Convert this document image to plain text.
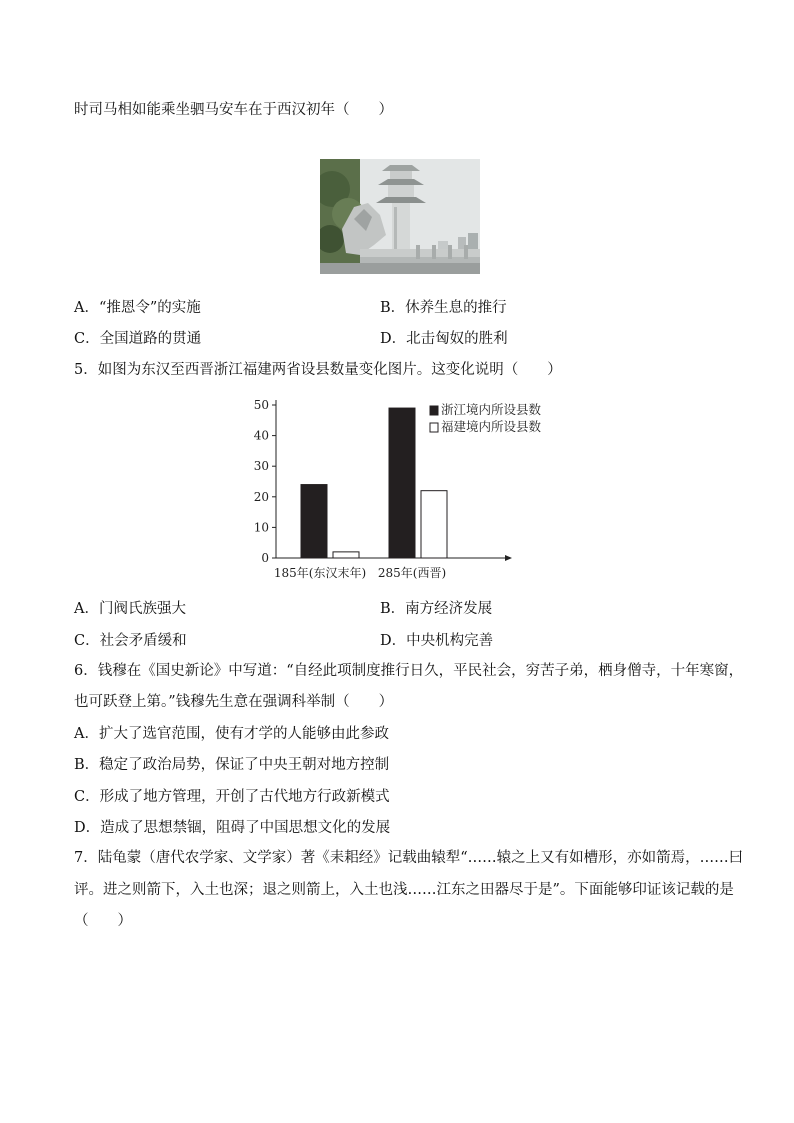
时司马相如能乘坐驷马安车在于西汉初年（　　）
A．“推恩令”的实施	B．休养生息的推行
C．全国道路的贯通	D．北击匈奴的胜利
5．如图为东汉至西晋浙江福建两省设县数量变化图片。这变化说明（　　）
0
10
20
30
40
50
185年(东汉末年) 285年(西晋)
浙江境内所设县数
福建境内所设县数
A．门阀氏族强大	B．南方经济发展
C．社会矛盾缓和	D．中央机构完善
6．钱穆在《国史新论》中写道：“自经此项制度推行日久，平民社会，穷苦子弟，栖身僧寺，十年寒窗，
也可跃登上第。”钱穆先生意在强调科举制（　　）
A．扩大了选官范围，使有才学的人能够由此参政
B．稳定了政治局势，保证了中央王朝对地方控制
C．形成了地方管理，开创了古代地方行政新模式
D．造成了思想禁锢，阻碍了中国思想文化的发展
7．陆龟蒙（唐代农学家、文学家）著《耒耜经》记载曲辕犁“……辕之上又有如槽形，亦如箭焉，……曰
评。进之则箭下，入土也深；退之则箭上，入土也浅……江东之田器尽于是”。下面能够印证该记载的是
（　　）
